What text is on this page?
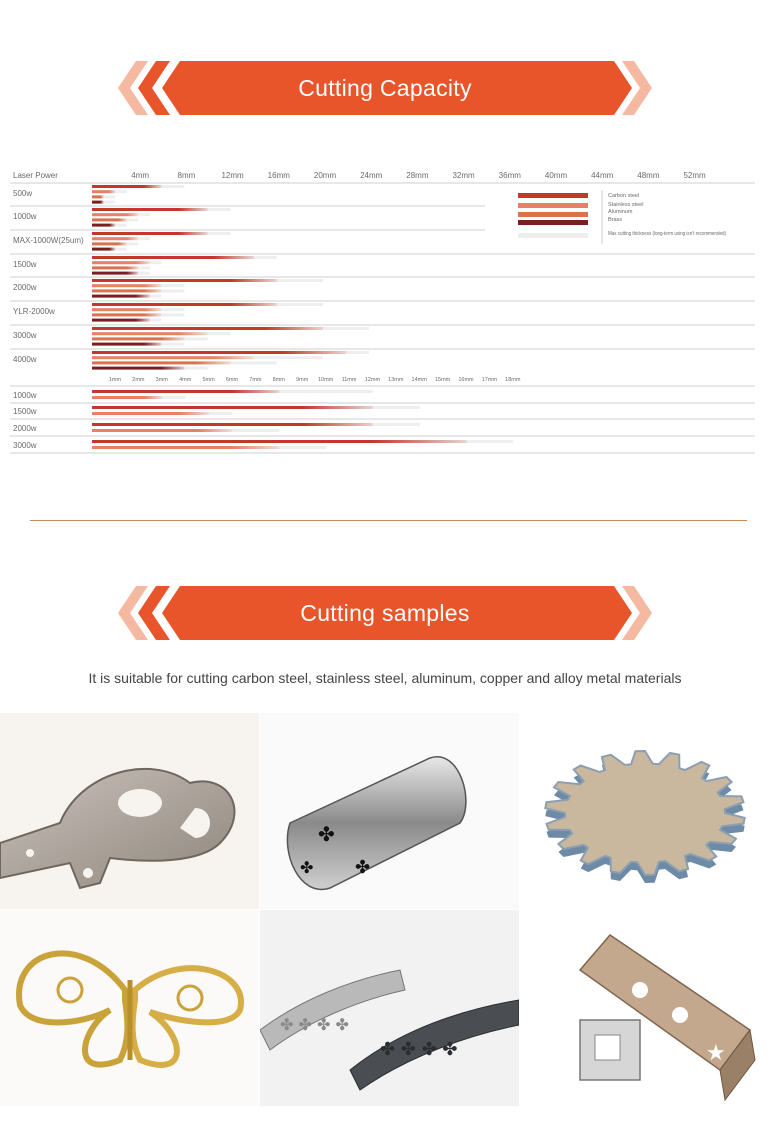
Cutting Capacity
Laser Power	4mm	8mm	12mm	16mm	20mm	24mm	28mm	32mm	36mm	40mm	44mm	48mm	52mm
Carbon steel
Stainless steel
Aluminum
Brass
Max cutting thickness (long-term using isn't recommended)
500w
1000w
MAX-1000W(25um)
1500w
2000w
YLR-2000w
3000w
4000w
1mm 2mm 3mm 4mm 5mm 6mm 7mm 8mm 9mm 10mm 11mm 12mm 13mm 14mm 15mm 16mm 17mm 18mm
1000w
1500w
2000w
3000w
Cutting samples
It is suitable for cutting carbon steel, stainless steel, aluminum, copper and alloy metal materials
✤
✤
✤
✤ ✤ ✤ ✤
✤ ✤ ✤ ✤	★
